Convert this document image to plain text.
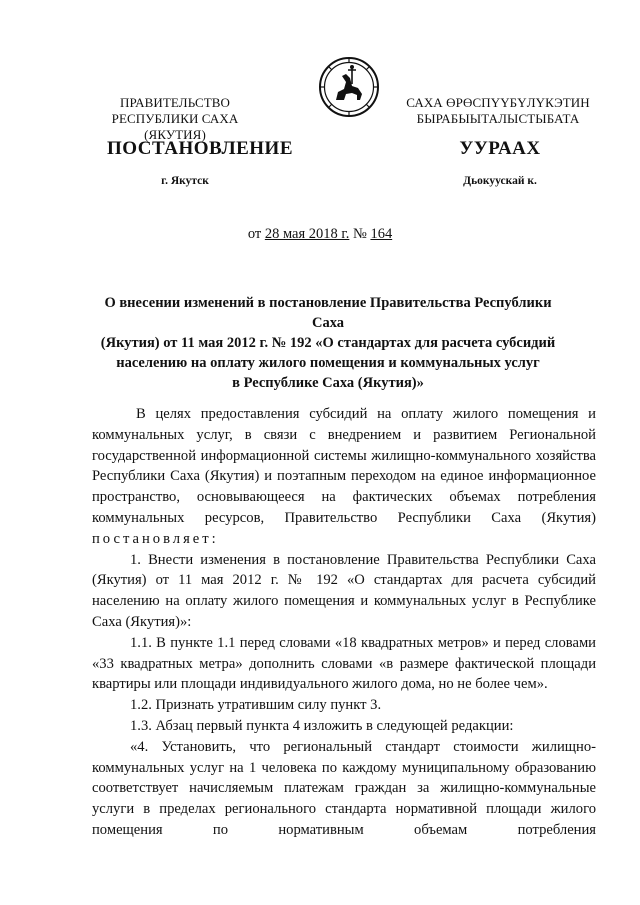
ПРАВИТЕЛЬСТВО
РЕСПУБЛИКИ САХА (ЯКУТИЯ)
САХА ӨРӨСПҮҮБҮЛҮКЭТИН
БЫРАБЫЫТАЛЫСТЫБАТА
ПОСТАНОВЛЕНИЕ	УУРААХ
г. Якутск	Дьокуускай к.
от 28 мая 2018 г. № 164
О внесении изменений в постановление Правительства Республики Саха
(Якутия) от 11 мая 2012 г. № 192 «О стандартах для расчета субсидий
населению на оплату жилого помещения и коммунальных услуг
в Республике Саха (Якутия)»

В целях предоставления субсидий на оплату жилого помещения и коммунальных услуг, в связи с внедрением и развитием Региональной государственной информационной системы жилищно-коммунального хозяйства Республики Саха (Якутия) и поэтапным переходом на единое информационное пространство, основывающееся на фактических объемах потребления коммунальных ресурсов, Правительство Республики Саха (Якутия) постановляет:

1. Внести изменения в постановление Правительства Республики Саха (Якутия) от 11 мая 2012 г. № 192 «О стандартах для расчета субсидий населению на оплату жилого помещения и коммунальных услуг в Республике Саха (Якутия)»:

1.1. В пункте 1.1 перед словами «18 квадратных метров» и перед словами «33 квадратных метра» дополнить словами «в размере фактической площади квартиры или площади индивидуального жилого дома, но не более чем».

1.2. Признать утратившим силу пункт 3.

1.3. Абзац первый пункта 4 изложить в следующей редакции:

«4. Установить, что региональный стандарт стоимости жилищно-коммунальных услуг на 1 человека по каждому муниципальному образованию соответствует начисляемым платежам граждан за жилищно-коммунальные услуги в пределах регионального стандарта нормативной площади жилого помещения по нормативным объемам потребления
